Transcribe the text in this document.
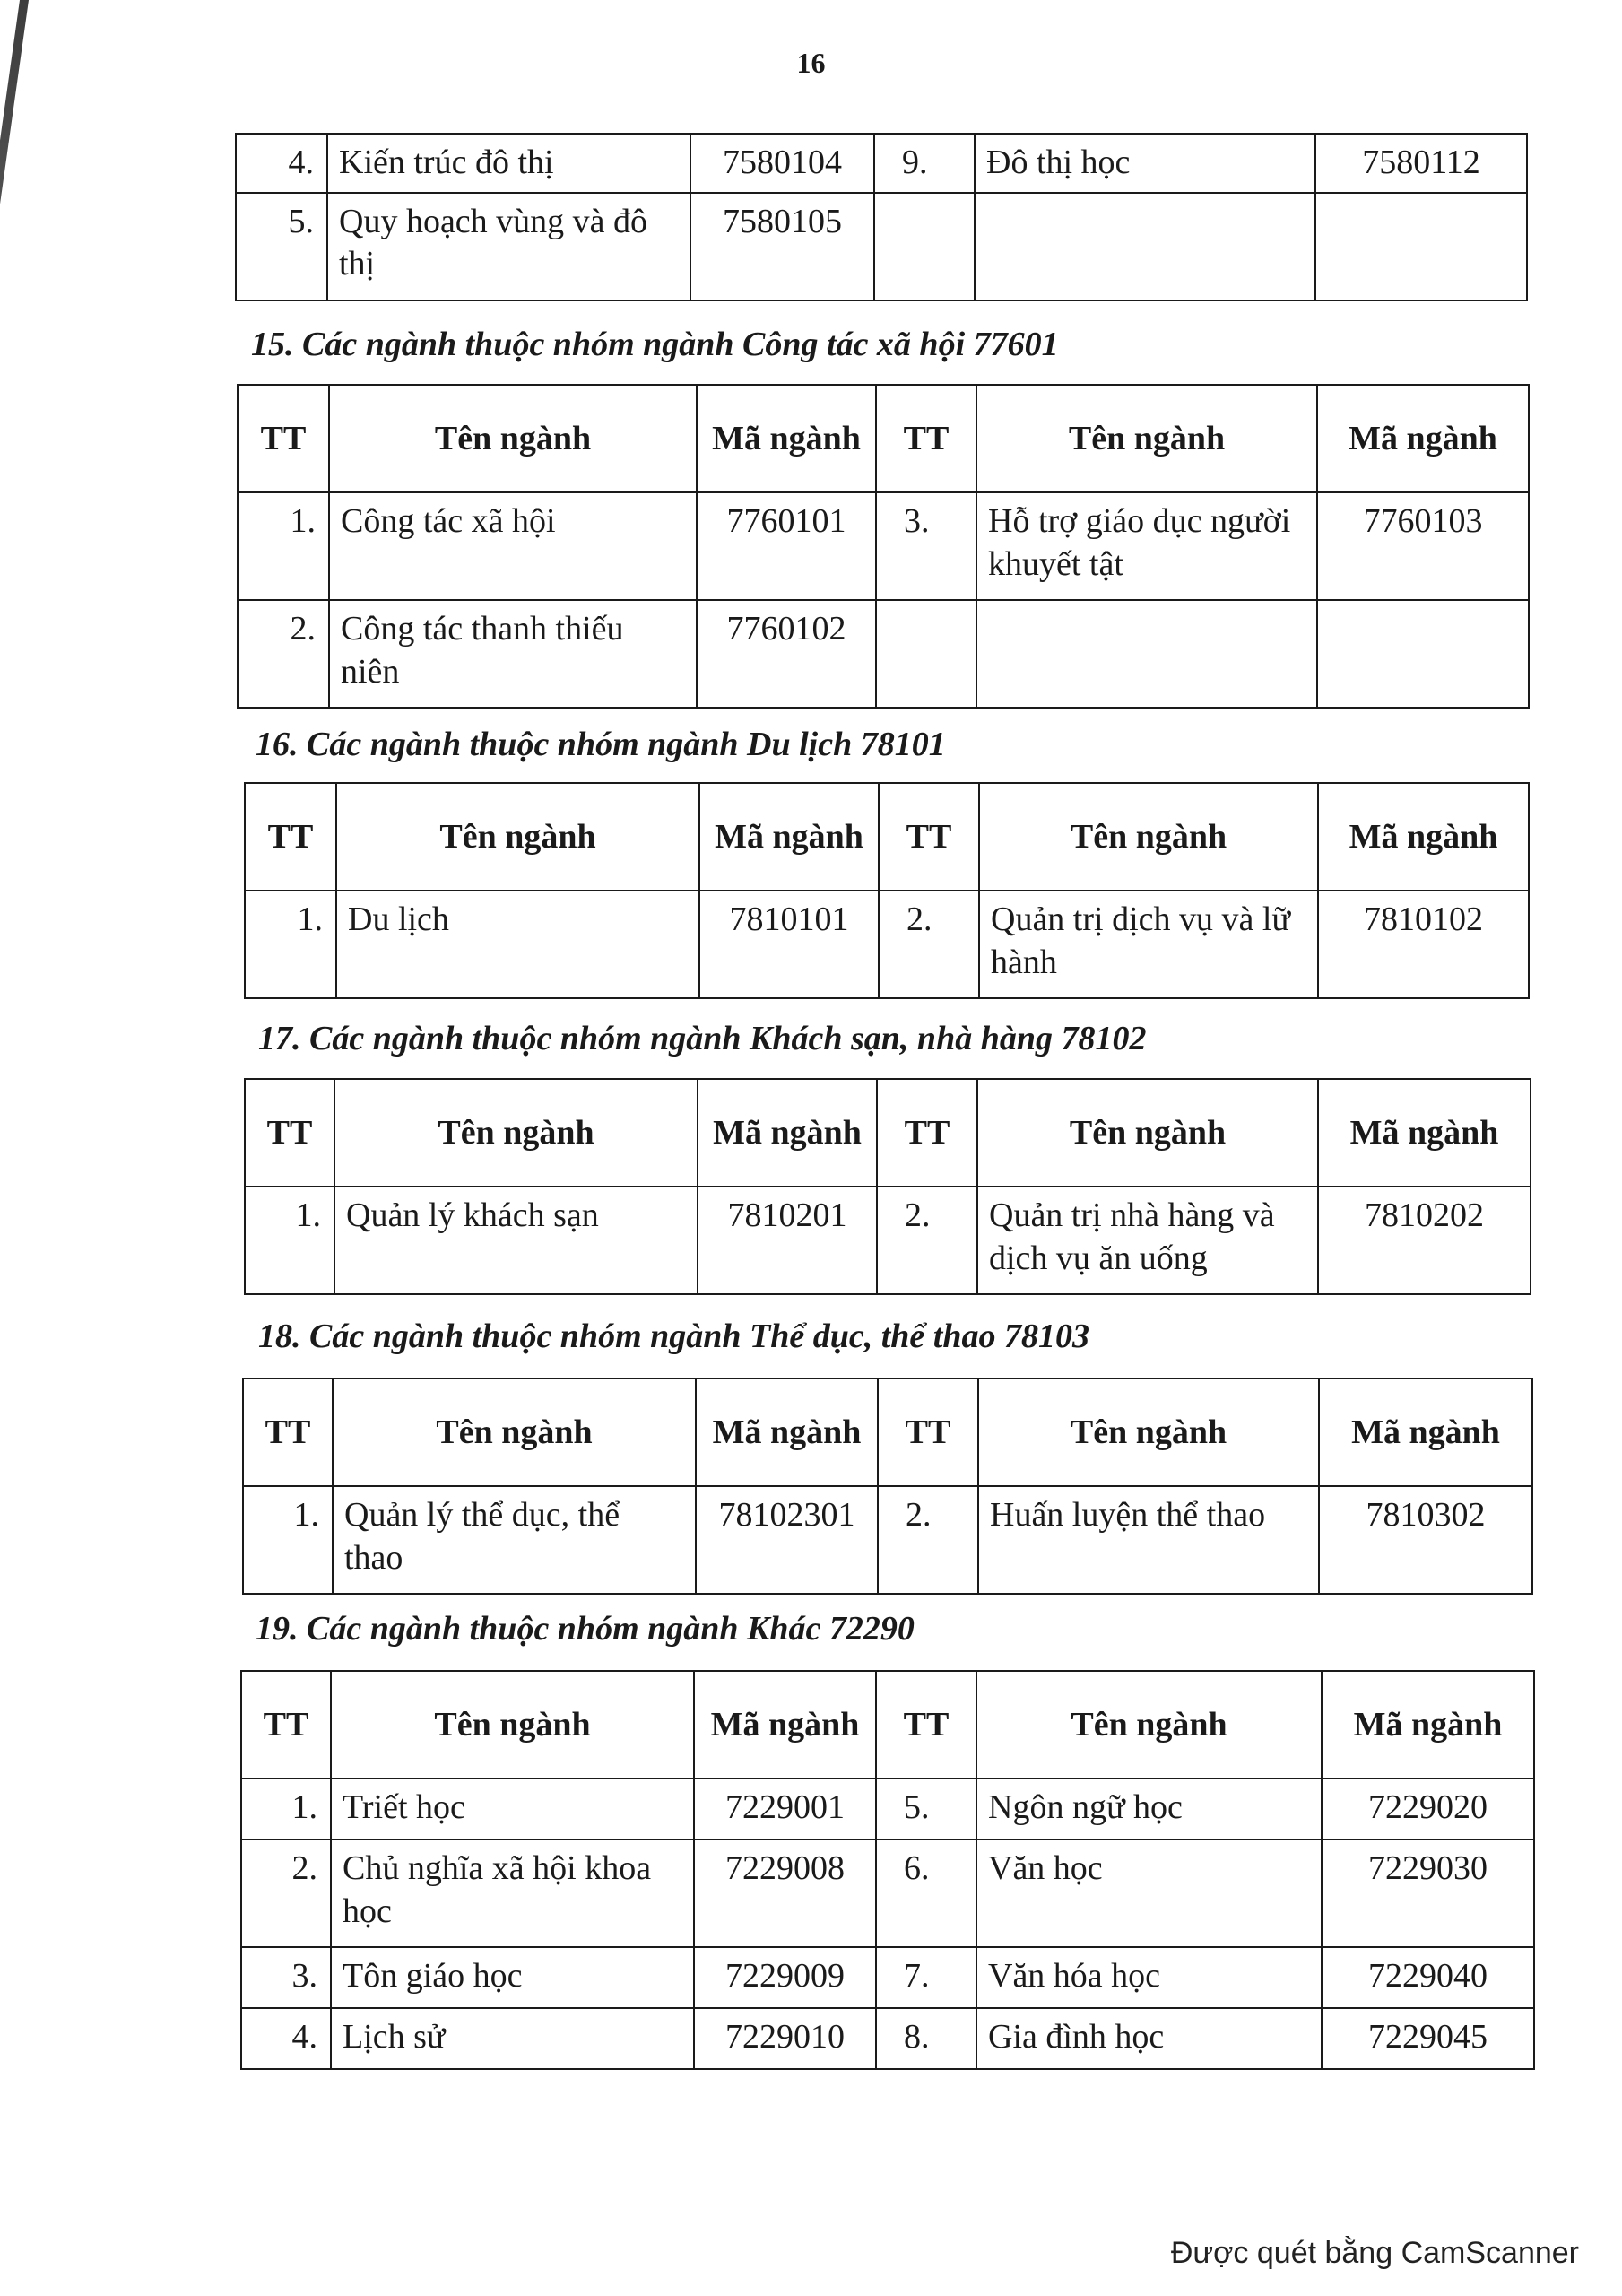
16
4.	Kiến trúc đô thị	7580104	9.	Đô thị học	7580112
5.	Quy hoạch vùng và đô thị	7580105			
15. Các ngành thuộc nhóm ngành Công tác xã hội 77601
TT	Tên ngành	Mã ngành	TT	Tên ngành	Mã ngành
1.	Công tác xã hội	7760101	3.	Hỗ trợ giáo dục người khuyết tật	7760103
2.	Công tác thanh thiếu niên	7760102			
16. Các ngành thuộc nhóm ngành Du lịch 78101
TT	Tên ngành	Mã ngành	TT	Tên ngành	Mã ngành
1.	Du lịch	7810101	2.	Quản trị dịch vụ và lữ hành	7810102
17. Các ngành thuộc nhóm ngành Khách sạn, nhà hàng 78102
TT	Tên ngành	Mã ngành	TT	Tên ngành	Mã ngành
1.	Quản lý khách sạn	7810201	2.	Quản trị nhà hàng và dịch vụ ăn uống	7810202
18. Các ngành thuộc nhóm ngành Thể dục, thể thao 78103
TT	Tên ngành	Mã ngành	TT	Tên ngành	Mã ngành
1.	Quản lý thể dục, thể thao	78102301	2.	Huấn luyện thể thao	7810302
19. Các ngành thuộc nhóm ngành Khác 72290
TT	Tên ngành	Mã ngành	TT	Tên ngành	Mã ngành
1.	Triết học	7229001	5.	Ngôn ngữ học	7229020
2.	Chủ nghĩa xã hội khoa học	7229008	6.	Văn học	7229030
3.	Tôn giáo học	7229009	7.	Văn hóa học	7229040
4.	Lịch sử	7229010	8.	Gia đình học	7229045
Được quét bằng CamScanner
